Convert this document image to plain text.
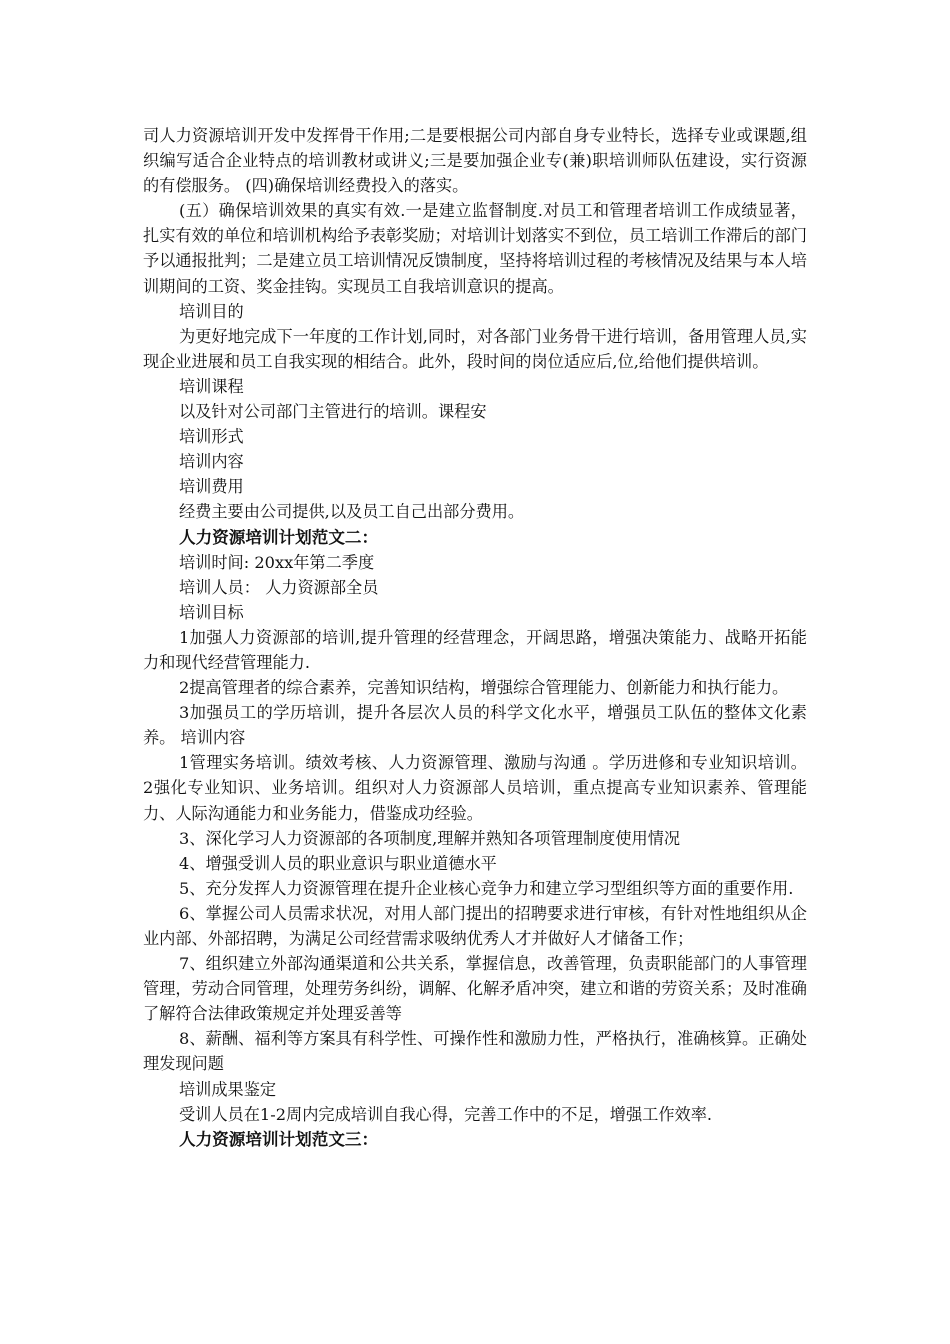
司人力资源培训开发中发挥骨干作用;二是要根据公司内部自身专业特长，选择专业或课题,组织编写适合企业特点的培训教材或讲义;三是要加强企业专(兼)职培训师队伍建设，实行资源的有偿服务。 (四)确保培训经费投入的落实。

(五）确保培训效果的真实有效.一是建立监督制度.对员工和管理者培训工作成绩显著，扎实有效的单位和培训机构给予表彰奖励；对培训计划落实不到位，员工培训工作滞后的部门予以通报批判；二是建立员工培训情况反馈制度，坚持将培训过程的考核情况及结果与本人培训期间的工资、奖金挂钩。实现员工自我培训意识的提高。

培训目的

为更好地完成下一年度的工作计划,同时，对各部门业务骨干进行培训，备用管理人员,实现企业进展和员工自我实现的相结合。此外，段时间的岗位适应后,位,给他们提供培训。

培训课程

以及针对公司部门主管进行的培训。课程安

培训形式

培训内容

培训费用

经费主要由公司提供,以及员工自己出部分费用。

人力资源培训计划范文二：

培训时间: 20xx年第二季度

培训人员： 人力资源部全员

培训目标

1加强人力资源部的培训,提升管理的经营理念，开阔思路，增强决策能力、战略开拓能力和现代经营管理能力.

2提高管理者的综合素养，完善知识结构，增强综合管理能力、创新能力和执行能力。

3加强员工的学历培训，提升各层次人员的科学文化水平，增强员工队伍的整体文化素养。 培训内容

1管理实务培训。绩效考核、人力资源管理、激励与沟通 。学历进修和专业知识培训。 2强化专业知识、业务培训。组织对人力资源部人员培训，重点提高专业知识素养、管理能力、人际沟通能力和业务能力，借鉴成功经验。

3、深化学习人力资源部的各项制度,理解并熟知各项管理制度使用情况

4、增强受训人员的职业意识与职业道德水平

5、充分发挥人力资源管理在提升企业核心竞争力和建立学习型组织等方面的重要作用.

6、掌握公司人员需求状况，对用人部门提出的招聘要求进行审核，有针对性地组织从企业内部、外部招聘，为满足公司经营需求吸纳优秀人才并做好人才储备工作；

7、组织建立外部沟通渠道和公共关系，掌握信息，改善管理，负责职能部门的人事管理管理，劳动合同管理，处理劳务纠纷，调解、化解矛盾冲突，建立和谐的劳资关系；及时准确了解符合法律政策规定并处理妥善等

8、薪酬、福利等方案具有科学性、可操作性和激励力性，严格执行，准确核算。正确处理发现问题

培训成果鉴定

受训人员在1-2周内完成培训自我心得，完善工作中的不足，增强工作效率.

人力资源培训计划范文三：
